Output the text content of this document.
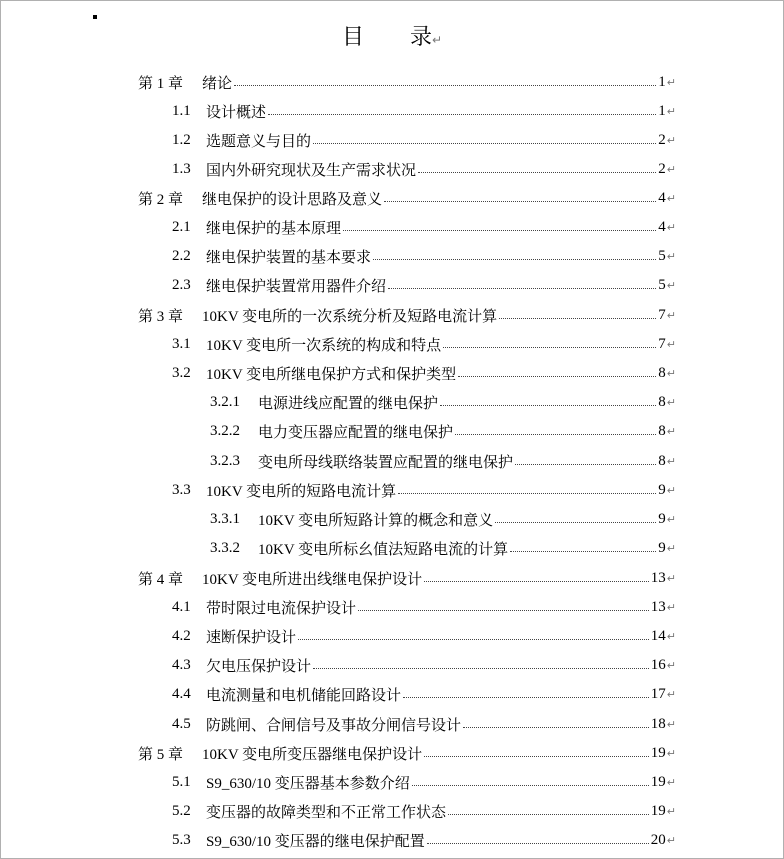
目 录↵
第 1 章	绪论	1 ↵
1.1	设计概述	1 ↵
1.2	选题意义与目的	2 ↵
1.3	国内外研究现状及生产需求状况	2 ↵
第 2 章	继电保护的设计思路及意义	4 ↵
2.1	继电保护的基本原理	4 ↵
2.2	继电保护装置的基本要求	5 ↵
2.3	继电保护装置常用器件介绍	5 ↵
第 3 章	10KV 变电所的一次系统分析及短路电流计算	7 ↵
3.1	10KV 变电所一次系统的构成和特点	7 ↵
3.2	10KV 变电所继电保护方式和保护类型	8 ↵
3.2.1	电源进线应配置的继电保护	8 ↵
3.2.2	电力变压器应配置的继电保护	8 ↵
3.2.3	变电所母线联络装置应配置的继电保护	8 ↵
3.3	10KV 变电所的短路电流计算	9 ↵
3.3.1	10KV 变电所短路计算的概念和意义	9 ↵
3.3.2	10KV 变电所标幺值法短路电流的计算	9 ↵
第 4 章	10KV 变电所进出线继电保护设计	13 ↵
4.1	带时限过电流保护设计	13 ↵
4.2	速断保护设计	14 ↵
4.3	欠电压保护设计	16 ↵
4.4	电流测量和电机储能回路设计	17 ↵
4.5	防跳闸、合闸信号及事故分闸信号设计	18 ↵
第 5 章	10KV 变电所变压器继电保护设计	19 ↵
5.1	S9_630/10 变压器基本参数介绍	19 ↵
5.2	变压器的故障类型和不正常工作状态	19 ↵
5.3	S9_630/10 变压器的继电保护配置	20 ↵
